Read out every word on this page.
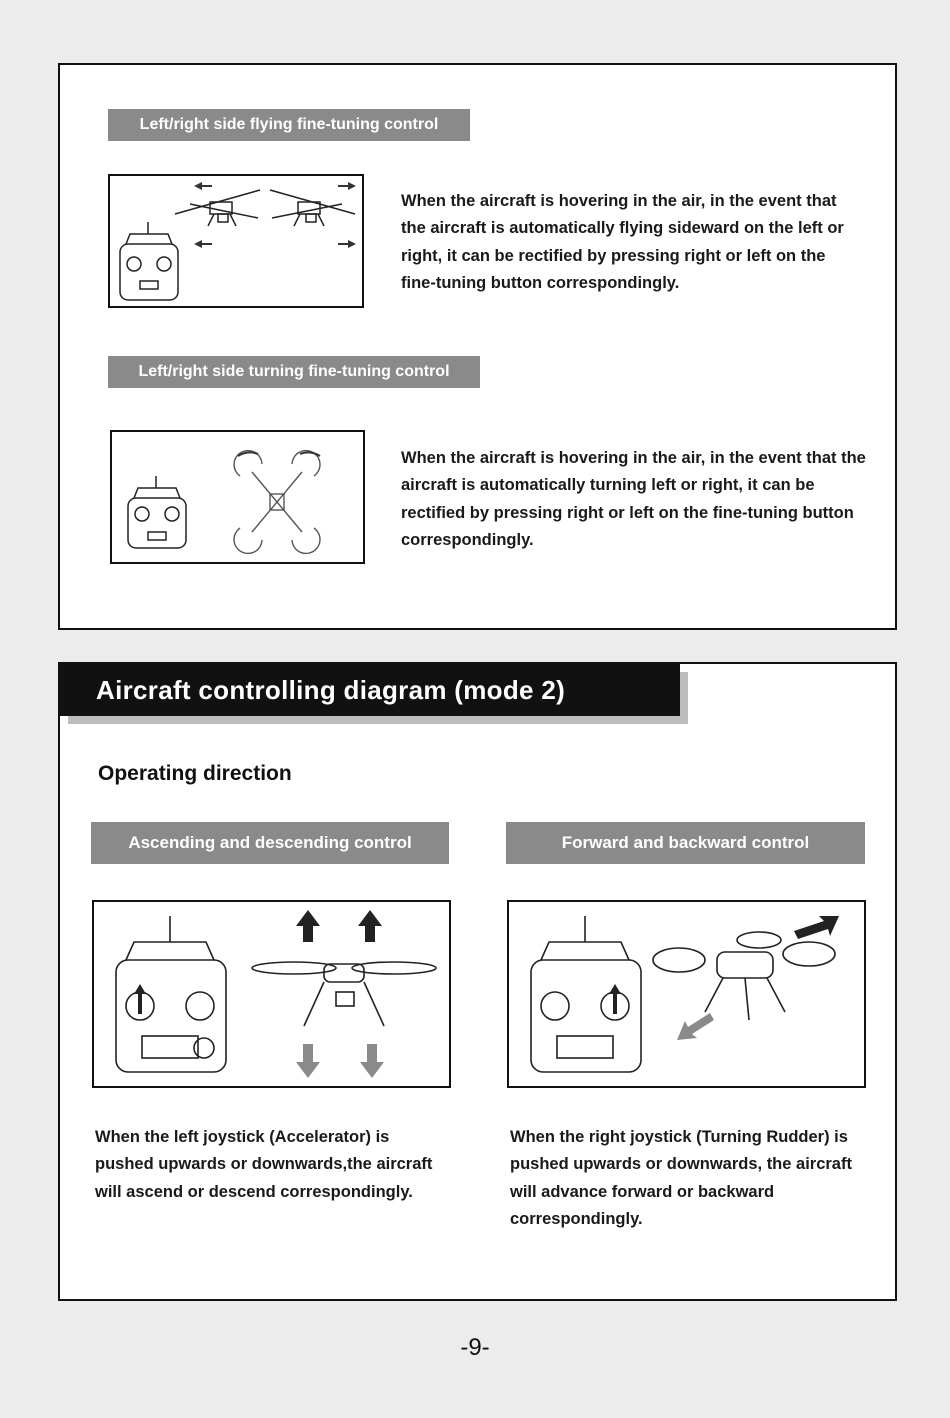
Left/right side flying fine-tuning control
When the aircraft is hovering in the air, in the event that the aircraft is automatically flying sideward on the left or right, it can be rectified by pressing right or left on the fine-tuning button correspondingly.
Left/right side turning fine-tuning control
When the aircraft is hovering in the air, in the event that the aircraft is automatically turning left or right, it can be rectified by pressing right or left on the fine-tuning button correspondingly.
Aircraft controlling diagram (mode 2)
Operating direction
Ascending and descending control	Forward and backward control
When the left joystick (Accelerator) is pushed upwards or downwards,the aircraft will ascend or descend correspondingly.
When the right joystick (Turning Rudder) is pushed upwards or downwards, the aircraft will advance forward or backward correspondingly.
-9-
